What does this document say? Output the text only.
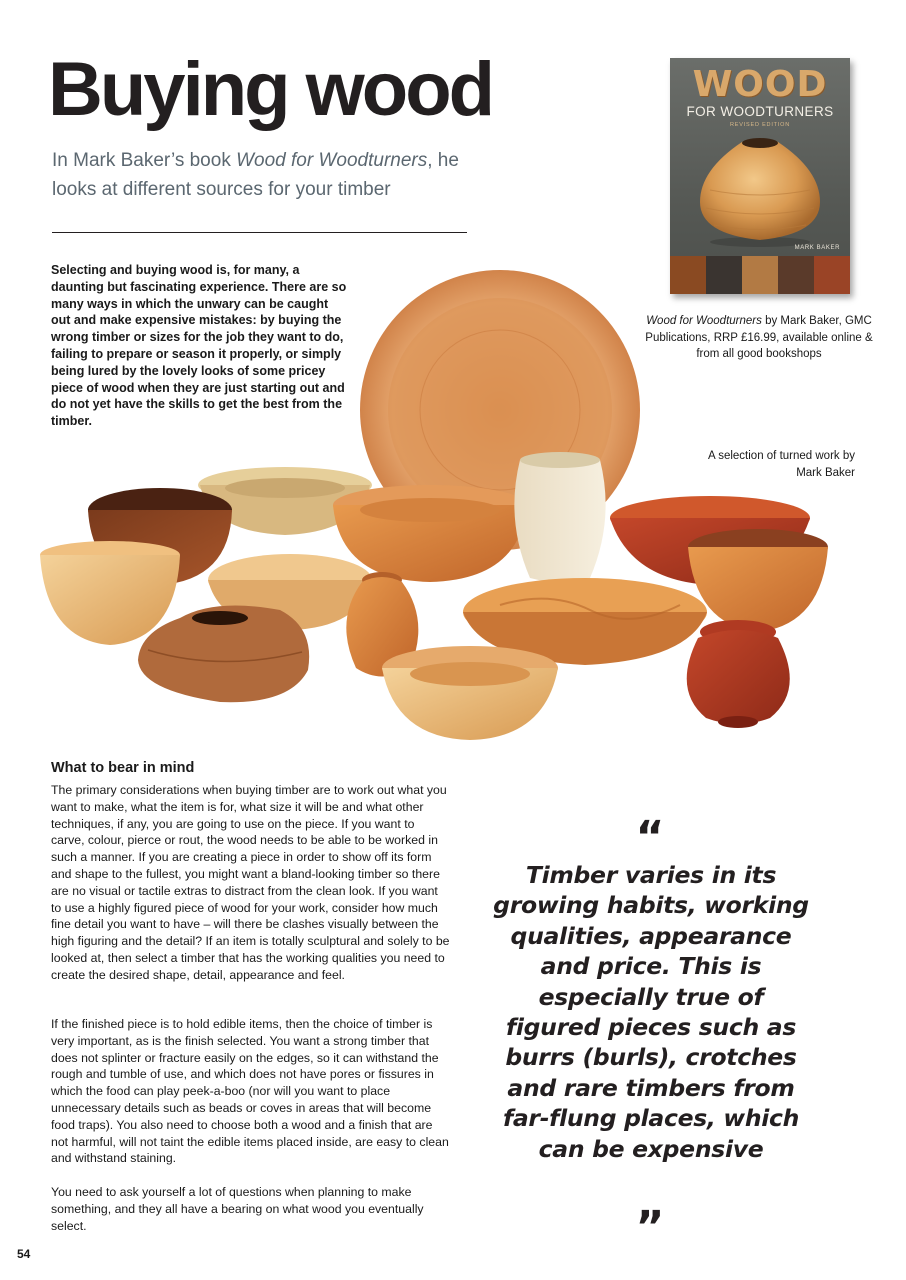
Buying wood

In Mark Baker’s book Wood for Woodturners, he looks at different sources for your timber

Selecting and buying wood is, for many, a daunting but fascinating experience. There are so many ways in which the unwary can be caught out and make expensive mistakes: by buying the wrong timber or sizes for the job they want to do, failing to prepare or season it properly, or simply being lured by the lovely looks of some pricey piece of wood when they are just starting out and do not yet have the skills to get the best from the timber.

WOOD
FOR WOODTURNERS
REVISED EDITION
MARK BAKER

Wood for Woodturners by Mark Baker, GMC Publications, RRP £16.99, available online & from all good bookshops

A selection of turned work by Mark Baker

What to bear in mind

The primary considerations when buying timber are to work out what you want to make, what the item is for, what size it will be and what other techniques, if any, you are going to use on the piece. If you want to carve, colour, pierce or rout, the wood needs to be able to be worked in such a manner. If you are creating a piece in order to show off its form and shape to the fullest, you might want a bland-looking timber so there are no visual or tactile extras to distract from the clean look. If you want to use a highly figured piece of wood for your work, consider how much fine detail you want to have – will there be clashes visually between the high figuring and the detail? If an item is totally sculptural and solely to be looked at, then select a timber that has the working qualities you need to create the desired shape, detail, appearance and feel.

If the finished piece is to hold edible items, then the choice of timber is very important, as is the finish selected. You want a strong timber that does not splinter or fracture easily on the edges, so it can withstand the rough and tumble of use, and which does not have pores or fissures in which the food can play peek-a-boo (nor will you want to place unnecessary details such as beads or coves in areas that will become food traps). You also need to choose both a wood and a finish that are not harmful, will not taint the edible items placed inside, are easy to clean and withstand staining.

You need to ask yourself a lot of questions when planning to make something, and they all have a bearing on what wood you eventually select.

“

Timber varies in its growing habits, working qualities, appearance and price. This is especially true of figured pieces such as burrs (burls), crotches and rare timbers from far-flung places, which can be expensive

”

54
